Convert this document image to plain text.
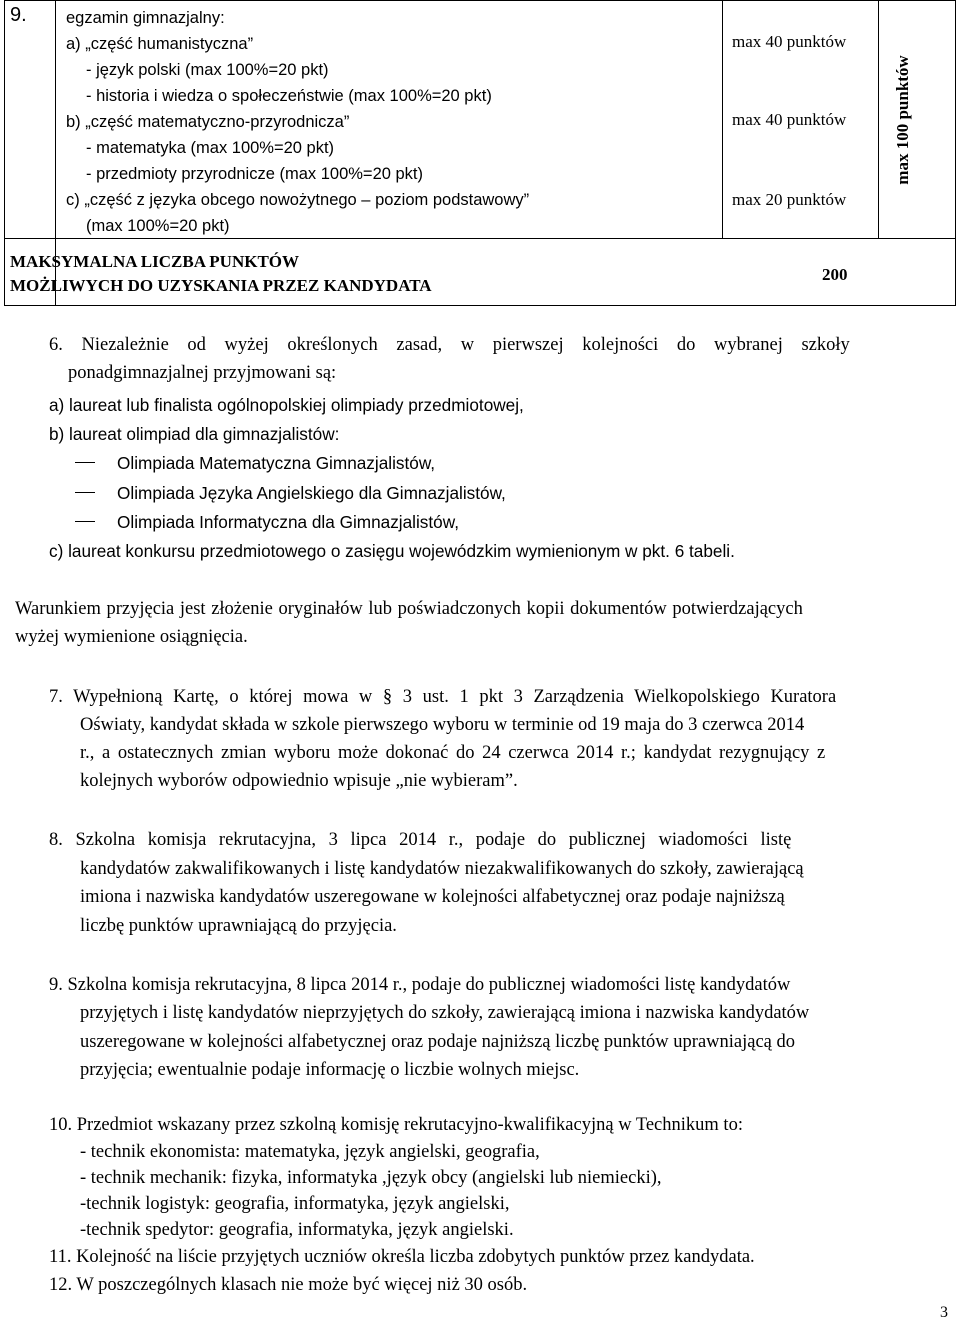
9. egzamin gimnazjalny:
a) „część humanistyczna”
- język polski (max 100%=20 pkt)
- historia i wiedza o społeczeństwie (max 100%=20 pkt)
b) „część matematyczno-przyrodnicza”
- matematyka (max 100%=20 pkt)
- przedmioty przyrodnicze (max 100%=20 pkt)
c) „część z języka obcego nowożytnego – poziom podstawowy”
(max 100%=20 pkt)
max 40 punktów
max 40 punktów
max 20 punktów
max 100 punktów
MAKSYMALNA LICZBA PUNKTÓW
MOŻLIWYCH DO UZYSKANIA PRZEZ KANDYDATA
200
6. Niezależnie od wyżej określonych zasad, w pierwszej kolejności do wybranej szkoły
ponadgimnazjalnej przyjmowani są:
a) laureat lub finalista ogólnopolskiej olimpiady przedmiotowej,
b) laureat olimpiad dla gimnazjalistów:
Olimpiada Matematyczna Gimnazjalistów,
Olimpiada Języka Angielskiego dla Gimnazjalistów,
Olimpiada Informatyczna dla Gimnazjalistów,
c) laureat konkursu przedmiotowego o zasięgu wojewódzkim wymienionym w pkt. 6 tabeli.
Warunkiem przyjęcia jest złożenie oryginałów lub poświadczonych kopii dokumentów potwierdzających
wyżej wymienione osiągnięcia.
7. Wypełnioną Kartę, o której mowa w § 3 ust. 1 pkt 3 Zarządzenia Wielkopolskiego Kuratora
Oświaty, kandydat składa w szkole pierwszego wyboru w terminie od 19 maja do 3 czerwca 2014
r., a ostatecznych zmian wyboru może dokonać do 24 czerwca 2014 r.; kandydat rezygnujący z
kolejnych wyborów odpowiednio wpisuje „nie wybieram”.
8. Szkolna komisja rekrutacyjna, 3 lipca 2014 r., podaje do publicznej wiadomości listę
kandydatów zakwalifikowanych i listę kandydatów niezakwalifikowanych do szkoły, zawierającą
imiona i nazwiska kandydatów uszeregowane w kolejności alfabetycznej oraz podaje najniższą
liczbę punktów uprawniającą do przyjęcia.
9. Szkolna komisja rekrutacyjna, 8 lipca 2014 r., podaje do publicznej wiadomości listę kandydatów
przyjętych i listę kandydatów nieprzyjętych do szkoły, zawierającą imiona i nazwiska kandydatów
uszeregowane w kolejności alfabetycznej oraz podaje najniższą liczbę punktów uprawniającą do
przyjęcia; ewentualnie podaje informację o liczbie wolnych miejsc.
10. Przedmiot wskazany przez szkolną komisję rekrutacyjno-kwalifikacyjną w Technikum to:
- technik ekonomista: matematyka, język angielski, geografia,
- technik mechanik: fizyka, informatyka ,język obcy (angielski lub niemiecki),
-technik logistyk: geografia, informatyka, język angielski,
-technik spedytor: geografia, informatyka, język angielski.
11. Kolejność na liście przyjętych uczniów określa liczba zdobytych punktów przez kandydata.
12. W poszczególnych klasach nie może być więcej niż 30 osób.
3
